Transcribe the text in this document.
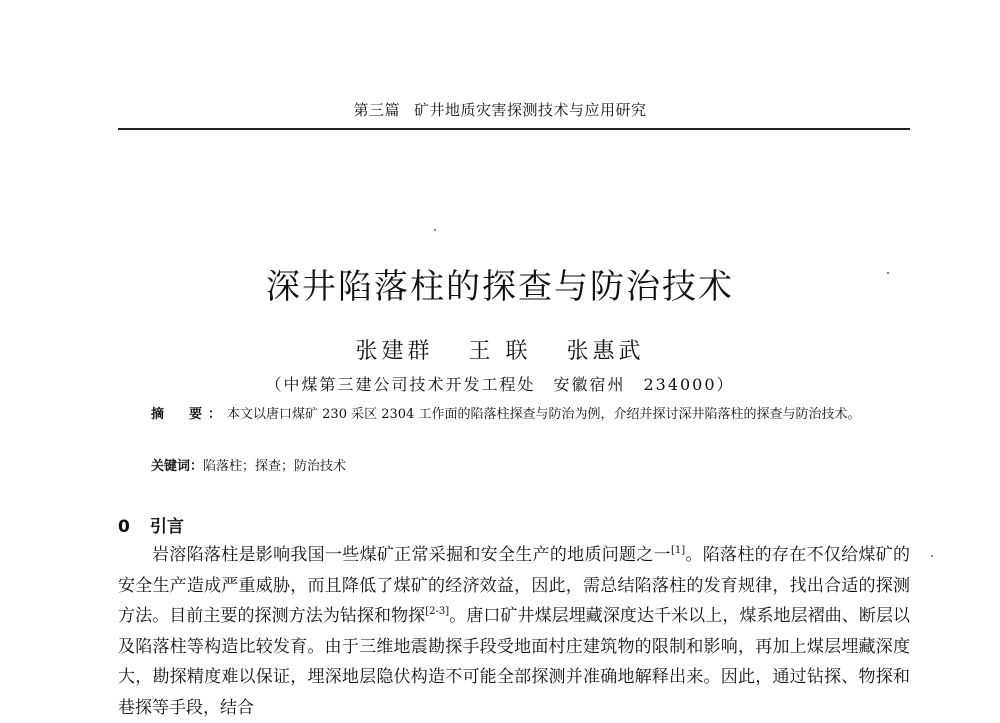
第三篇 矿井地质灾害探测技术与应用研究
深井陷落柱的探查与防治技术
张建群 王 联 张惠武
（中煤第三建公司技术开发工程处　安徽宿州　234000）
摘　要：本文以唐口煤矿 230 采区 2304 工作面的陷落柱探查与防治为例，介绍并探讨深井陷落柱的探查与防治技术。
关键词：陷落柱；探查；防治技术
0 引言
岩溶陷落柱是影响我国一些煤矿正常采掘和安全生产的地质问题之一[1]。陷落柱的存在不仅给煤矿的安全生产造成严重威胁，而且降低了煤矿的经济效益，因此，需总结陷落柱的发育规律，找出合适的探测方法。目前主要的探测方法为钻探和物探[2-3]。唐口矿井煤层埋藏深度达千米以上，煤系地层褶曲、断层以及陷落柱等构造比较发育。由于三维地震勘探手段受地面村庄建筑物的限制和影响，再加上煤层埋藏深度大，勘探精度难以保证，埋深地层隐伏构造不可能全部探测并准确地解释出来。因此，通过钻探、物探和巷探等手段，结合
